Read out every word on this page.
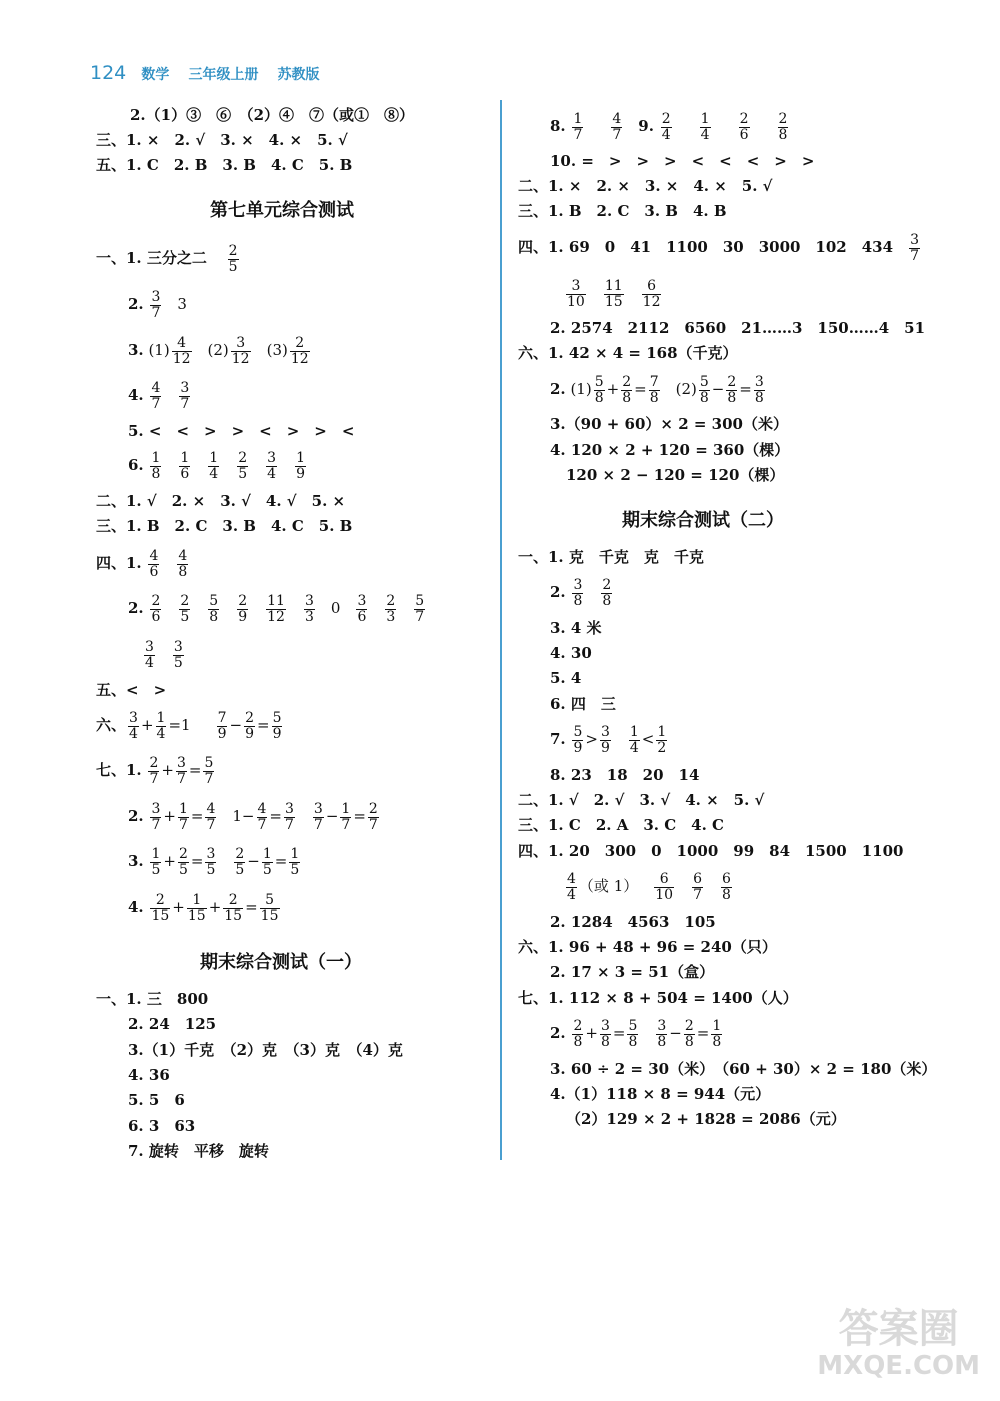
124 数学 三年级上册 苏教版
2.（1）③　⑥　（2）④　⑦（或①　⑧）
三、1. ×　2. √　3. ×　4. ×　5. √
五、1. C　2. B　3. B　4. C　5. B
第七单元综合测试
一、1. 三分之二 $\frac{2}{5}$
2. $\frac{3}{7} 3$
3. $(1) \frac{4}{12} (2) \frac{3}{12} (3) \frac{2}{12}$
4. $\frac{4}{7} \frac{3}{7}$
5. <　<　>　>　<　>　>　<
6. $\frac{1}{8} \frac{1}{6} \frac{1}{4} \frac{2}{5} \frac{3}{4} \frac{1}{9}$
二、1. √　2. ×　3. √　4. √　5. ×
三、1. B　2. C　3. B　4. C　5. B
四、1. $\frac{4}{6} \frac{4}{8}$
2. $\frac{2}{6} \frac{2}{5} \frac{5}{8} \frac{2}{9} \frac{11}{12} \frac{3}{3} 0 \frac{3}{6} \frac{2}{3} \frac{5}{7}$
$\frac{3}{4} \frac{3}{5}$
五、<　>
六、 $\frac{3}{4} + \frac{1}{4} =1 \frac{7}{9} - \frac{2}{9} = \frac{5}{9}$
七、1. $\frac{2}{7} + \frac{3}{7} = \frac{5}{7}$
2. $\frac{3}{7} + \frac{1}{7} = \frac{4}{7} 1- \frac{4}{7} = \frac{3}{7} \frac{3}{7} - \frac{1}{7} = \frac{2}{7}$
3. $\frac{1}{5} + \frac{2}{5} = \frac{3}{5} \frac{2}{5} - \frac{1}{5} = \frac{1}{5}$
4. $\frac{2}{15} + \frac{1}{15} + \frac{2}{15} = \frac{5}{15}$
期末综合测试（一）
一、1. 三　800
2. 24　125
3.（1）千克　（2）克　（3）克　（4）克
4. 36
5. 5　6
6. 3　63
7. 旋转　平移　旋转
8. $\frac{1}{7} \frac{4}{7} 9$. $\frac{2}{4} \frac{1}{4} \frac{2}{6} \frac{2}{8}$
10. =　>　>　>　<　<　<　>　>
二、1. ×　2. ×　3. ×　4. ×　5. √
三、1. B　2. C　3. B　4. B
四、1. 69　0　41　1100　30　3000　102　$434 \frac{3}{7}$
$\frac{3}{10} \frac{11}{15} \frac{6}{12}$
2. 2574　2112　6560　21……3　150……4　51
六、1. 42 × 4 = 168（千克）
2. $(1) \frac{5}{8} + \frac{2}{8} = \frac{7}{8} (2) \frac{5}{8} - \frac{2}{8} = \frac{3}{8}$
3.（90 + 60）× 2 = 300（米）
4. 120 × 2 + 120 = 360（棵）
120 × 2 − 120 = 120（棵）
期末综合测试（二）
一、1. 克　千克　克　千克
2. $\frac{3}{8} \frac{2}{8}$
3. 4 米
4. 30
5. 4
6. 四　三
7. $\frac{5}{9} > \frac{3}{9} \frac{1}{4} < \frac{1}{2}$
8. 23　18　20　14
二、1. √　2. √　3. √　4. ×　5. √
三、1. C　2. A　3. C　4. C
四、1. 20　300　0　1000　99　84　1500　1100
$\frac{4}{4}$ （或 $1) \frac{6}{10} \frac{6}{7} \frac{6}{8}$
2. 1284　4563　105
六、1. 96 + 48 + 96 = 240（只）
2. 17 × 3 = 51（盒）
七、1. 112 × 8 + 504 = 1400（人）
2. $\frac{2}{8} + \frac{3}{8} = \frac{5}{8} \frac{3}{8} - \frac{2}{8} = \frac{1}{8}$
3. 60 ÷ 2 = 30（米）　（60 + 30）× 2 = 180（米）
4.（1）118 × 8 = 944（元）
（2）129 × 2 + 1828 = 2086（元）
答案圈
MXQE.COM
